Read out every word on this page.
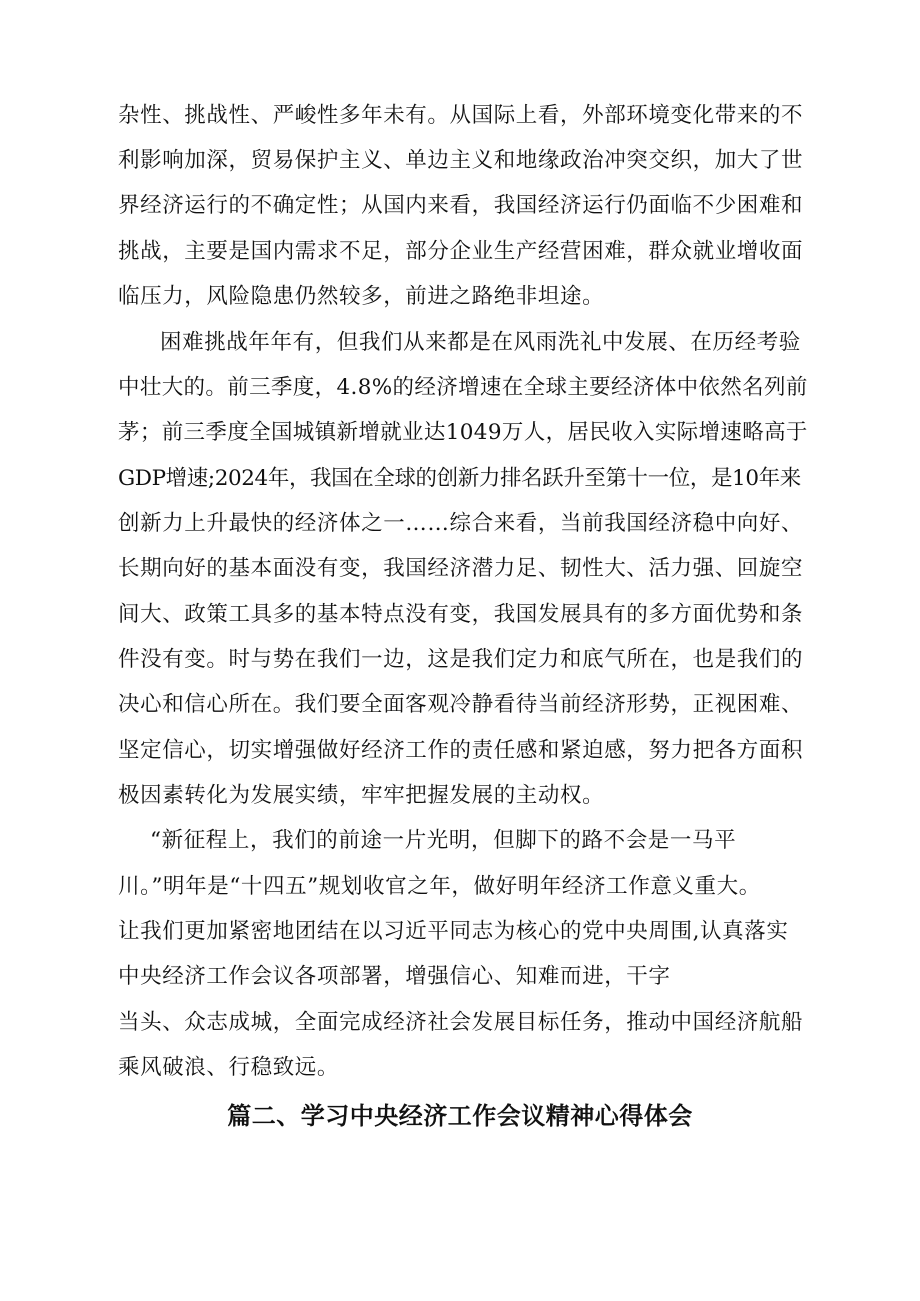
杂性、挑战性、严峻性多年未有。从国际上看，外部环境变化带来的不
利影响加深，贸易保护主义、单边主义和地缘政治冲突交织，加大了世
界经济运行的不确定性；从国内来看，我国经济运行仍面临不少困难和
挑战，主要是国内需求不足，部分企业生产经营困难，群众就业增收面
临压力，风险隐患仍然较多，前进之路绝非坦途。
困难挑战年年有，但我们从来都是在风雨洗礼中发展、在历经考验
中壮大的。前三季度，4.8%的经济增速在全球主要经济体中依然名列前
茅；前三季度全国城镇新增就业达1049万人，居民收入实际增速略高于
GDP增速;2024年，我国在全球的创新力排名跃升至第十一位，是10年来
创新力上升最快的经济体之一……综合来看，当前我国经济稳中向好、
长期向好的基本面没有变，我国经济潜力足、韧性大、活力强、回旋空
间大、政策工具多的基本特点没有变，我国发展具有的多方面优势和条
件没有变。时与势在我们一边，这是我们定力和底气所在，也是我们的
决心和信心所在。我们要全面客观冷静看待当前经济形势，正视困难、
坚定信心，切实增强做好经济工作的责任感和紧迫感，努力把各方面积
极因素转化为发展实绩，牢牢把握发展的主动权。
“新征程上，我们的前途一片光明，但脚下的路不会是一马平
川。”明年是“十四五”规划收官之年，做好明年经济工作意义重大。
让我们更加紧密地团结在以习近平同志为核心的党中央周围,认真落实
中央经济工作会议各项部署，增强信心、知难而进，干字
当头、众志成城，全面完成经济社会发展目标任务，推动中国经济航船
乘风破浪、行稳致远。
篇二、学习中央经济工作会议精神心得体会
